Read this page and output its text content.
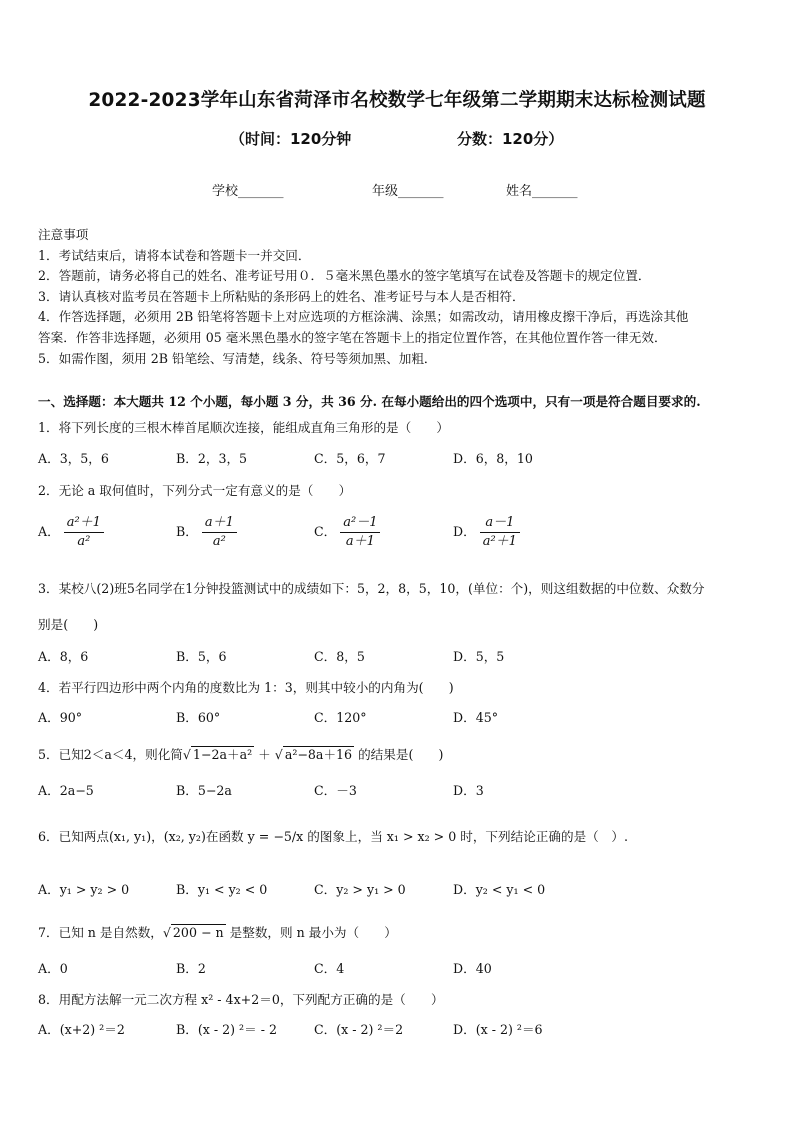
2022-2023学年山东省菏泽市名校数学七年级第二学期期末达标检测试题
（时间：120分钟	分数：120分）
学校_______	年级_______	姓名_______
注意事项
1．考试结束后，请将本试卷和答题卡一并交回．
2．答题前，请务必将自己的姓名、准考证号用０．５毫米黑色墨水的签字笔填写在试卷及答题卡的规定位置．
3．请认真核对监考员在答题卡上所粘贴的条形码上的姓名、准考证号与本人是否相符．
4．作答选择题，必须用 2B 铅笔将答题卡上对应选项的方框涂满、涂黑；如需改动，请用橡皮擦干净后，再选涂其他
答案．作答非选择题，必须用 05 毫米黑色墨水的签字笔在答题卡上的指定位置作答，在其他位置作答一律无效．
5．如需作图，须用 2B 铅笔绘、写清楚，线条、符号等须加黑、加粗．
一、选择题：本大题共 12 个小题，每小题 3 分，共 36 分. 在每小题给出的四个选项中，只有一项是符合题目要求的.
1．将下列长度的三根木棒首尾顺次连接，能组成直角三角形的是（　　）
A．3，5，6	B．2，3，5	C．5，6，7	D．6，8，10
2．无论 a 取何值时，下列分式一定有意义的是（　　）
A． $\frac{\text{a²＋1}}{\text{a²}}$	B． $\frac{a+1}{\text{a²}}$	C． $\frac{\text{a²－1}}{a+1}$	D． $\frac{a-1}{\text{a²＋1}}$
3．某校八(2)班5名同学在1分钟投篮测试中的成绩如下：5，2，8，5，10，(单位：个)，则这组数据的中位数、众数分
别是(　　)
A．8，6	B．5，6	C．8，5	D．5，5
4．若平行四边形中两个内角的度数比为 1：3，则其中较小的内角为(　　)
A．90°	B．60°	C．120°	D．45°
5．已知2＜a＜4，则化简√ 1−2a＋a² ＋ √ a²−8a＋16 的结果是(　　)
A．2a−5	B．5−2a	C．－3	D．3
6．已知两点(x₁, y₁)，(x₂, y₂)在函数 y = −5/x 的图象上，当 x₁ > x₂ > 0 时，下列结论正确的是（　）.
A．y₁ > y₂ > 0	B．y₁ < y₂ < 0	C．y₂ > y₁ > 0	D．y₂ < y₁ < 0
7．已知 n 是自然数，√ 200 − n 是整数，则 n 最小为（　　）
A．0	B．2	C．4	D．40
8．用配方法解一元二次方程 x² - 4x+2＝0，下列配方正确的是（　　）
A．(x+2) ²＝2	B．(x - 2) ²＝ - 2	C．(x - 2) ²＝2	D．(x - 2) ²＝6
